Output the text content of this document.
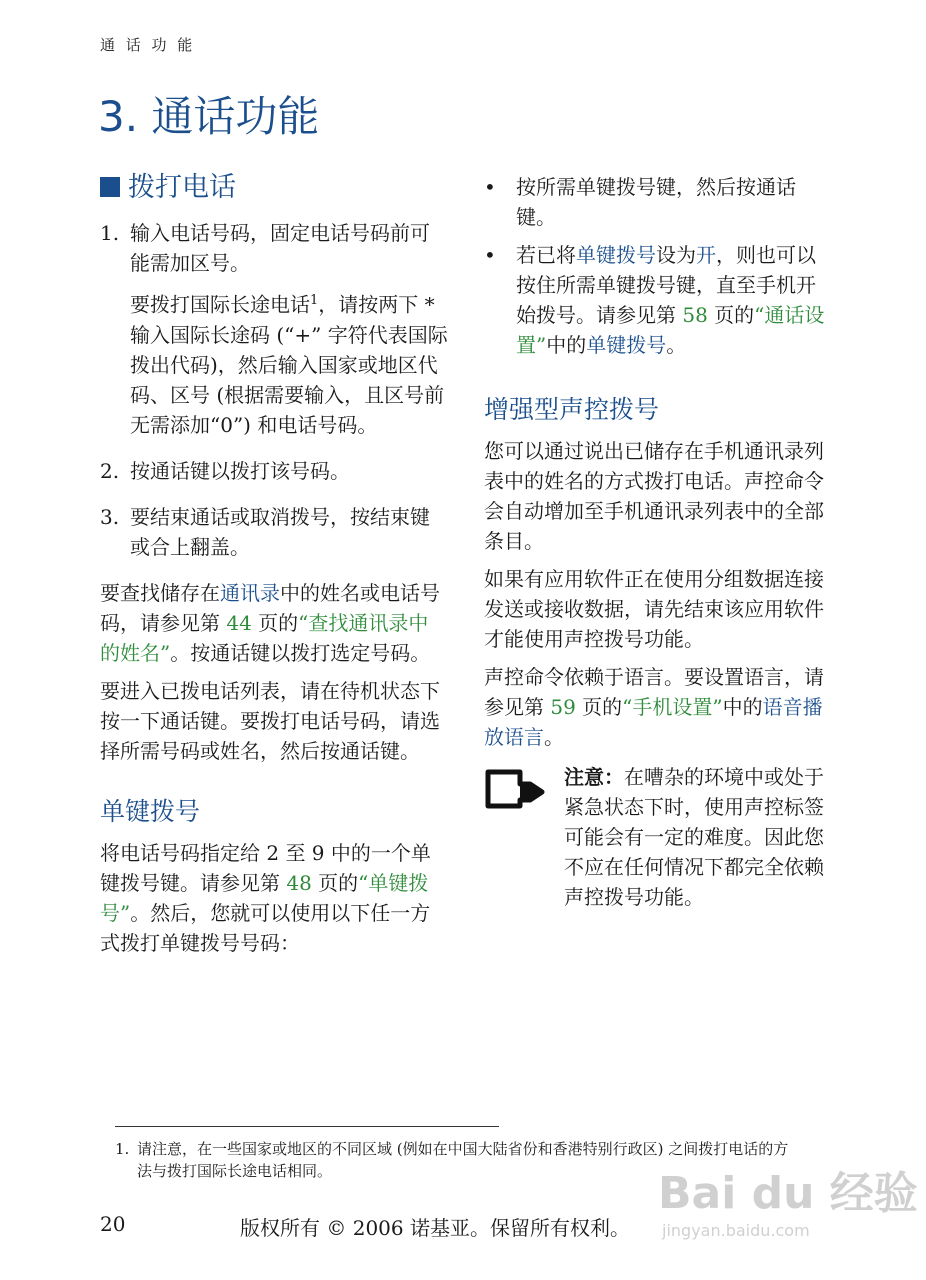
通 话 功 能
3. 通话功能
拨打电话
1. 输入电话号码，固定电话号码前可能需加区号。

要拨打国际长途电话$^1$，请按两下 * 输入国际长途码 (“+” 字符代表国际拨出代码)，然后输入国家或地区代码、区号 (根据需要输入，且区号前无需添加“0”) 和电话号码。

2. 按通话键以拨打该号码。

3. 要结束通话或取消拨号，按结束键或合上翻盖。

要查找储存在通讯录中的姓名或电话号码，请参见第 44 页的“查找通讯录中的姓名”。按通话键以拨打选定号码。

要进入已拨电话列表，请在待机状态下按一下通话键。要拨打电话号码，请选择所需号码或姓名，然后按通话键。

单键拨号

将电话号码指定给 2 至 9 中的一个单键拨号键。请参见第 48 页的“单键拨号”。然后，您就可以使用以下任一方式拨打单键拨号号码：

•	按所需单键拨号键，然后按通话键。
•	若已将单键拨号设为开，则也可以按住所需单键拨号键，直至手机开始拨号。请参见第 58 页的“通话设置”中的单键拨号。
增强型声控拨号

您可以通过说出已储存在手机通讯录列表中的姓名的方式拨打电话。声控命令会自动增加至手机通讯录列表中的全部条目。

如果有应用软件正在使用分组数据连接发送或接收数据，请先结束该应用软件才能使用声控拨号功能。

声控命令依赖于语言。要设置语言，请参见第 59 页的“手机设置”中的语音播放语言。

注意：在嘈杂的环境中或处于紧急状态下时，使用声控标签可能会有一定的难度。因此您不应在任何情况下都完全依赖声控拨号功能。

1. 请注意，在一些国家或地区的不同区域 (例如在中国大陆省份和香港特别行政区) 之间拨打电话的方法与拨打国际长途电话相同。	Bai du 经验
jingyan.baidu.com
20	版权所有 © 2006 诺基亚。保留所有权利。
